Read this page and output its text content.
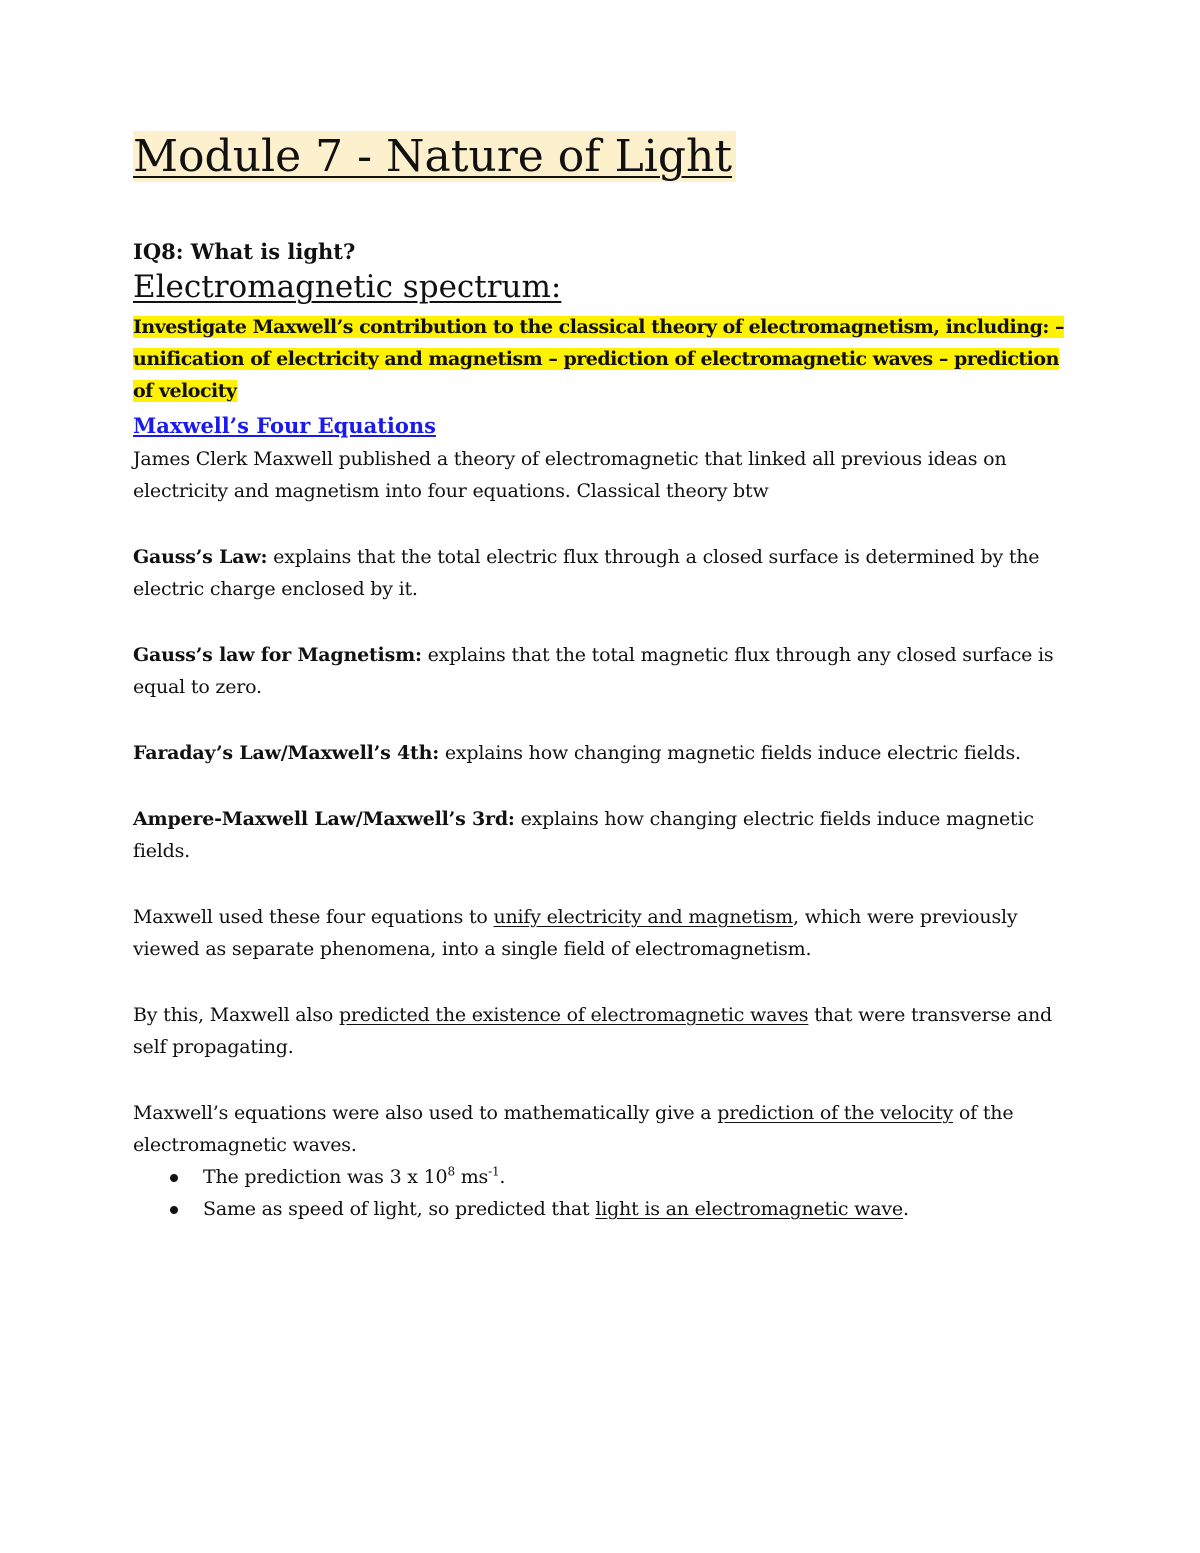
Module 7 - Nature of Light

IQ8: What is light?

Electromagnetic spectrum:

Investigate Maxwell’s contribution to the classical theory of electromagnetism, including: – unification of electricity and magnetism – prediction of electromagnetic waves – prediction of velocity

Maxwell’s Four Equations

James Clerk Maxwell published a theory of electromagnetic that linked all previous ideas on electricity and magnetism into four equations. Classical theory btw

Gauss’s Law: explains that the total electric flux through a closed surface is determined by the electric charge enclosed by it.

Gauss’s law for Magnetism: explains that the total magnetic flux through any closed surface is equal to zero.

Faraday’s Law/Maxwell’s 4th: explains how changing magnetic fields induce electric fields.

Ampere-Maxwell Law/Maxwell’s 3rd: explains how changing electric fields induce magnetic fields.

Maxwell used these four equations to unify electricity and magnetism, which were previously viewed as separate phenomena, into a single field of electromagnetism.

By this, Maxwell also predicted the existence of electromagnetic waves that were transverse and self propagating.

Maxwell’s equations were also used to mathematically give a prediction of the velocity of the electromagnetic waves.

The prediction was 3 x $10^8$ $ms^{-1}$.
Same as speed of light, so predicted that light is an electromagnetic wave.
